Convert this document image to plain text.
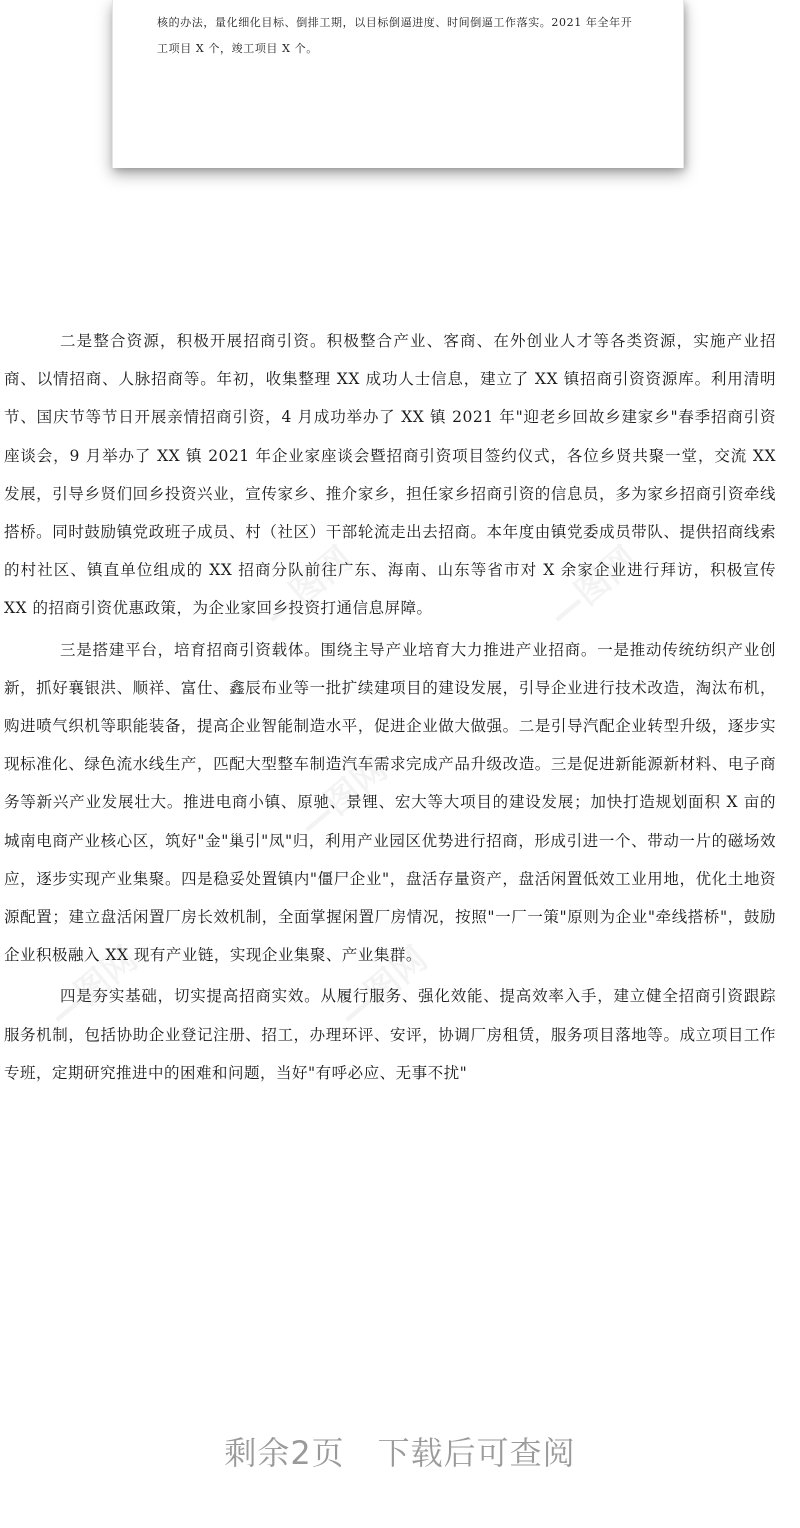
核的办法，量化细化目标、倒排工期，以目标倒逼进度、时间倒逼工作落实。2021 年全年开

工项目 X 个，竣工项目 X 个。

—图网	—图网
—图网
—图网	—图网

二是整合资源，积极开展招商引资。积极整合产业、客商、在外创业人才等各类资源，实施产业招商、以情招商、人脉招商等。年初，收集整理 XX 成功人士信息，建立了 XX 镇招商引资资源库。利用清明节、国庆节等节日开展亲情招商引资，4 月成功举办了 XX 镇 2021 年"迎老乡回故乡建家乡"春季招商引资座谈会，9 月举办了 XX 镇 2021 年企业家座谈会暨招商引资项目签约仪式，各位乡贤共聚一堂，交流 XX 发展，引导乡贤们回乡投资兴业，宣传家乡、推介家乡，担任家乡招商引资的信息员，多为家乡招商引资牵线搭桥。同时鼓励镇党政班子成员、村（社区）干部轮流走出去招商。本年度由镇党委成员带队、提供招商线索的村社区、镇直单位组成的 XX 招商分队前往广东、海南、山东等省市对 X 余家企业进行拜访，积极宣传 XX 的招商引资优惠政策，为企业家回乡投资打通信息屏障。

三是搭建平台，培育招商引资载体。围绕主导产业培育大力推进产业招商。一是推动传统纺织产业创新，抓好襄银洪、顺祥、富仕、鑫辰布业等一批扩续建项目的建设发展，引导企业进行技术改造，淘汰布机，购进喷气织机等职能装备，提高企业智能制造水平，促进企业做大做强。二是引导汽配企业转型升级，逐步实现标准化、绿色流水线生产，匹配大型整车制造汽车需求完成产品升级改造。三是促进新能源新材料、电子商务等新兴产业发展壮大。推进电商小镇、原驰、景锂、宏大等大项目的建设发展；加快打造规划面积 X 亩的城南电商产业核心区，筑好"金"巢引"凤"归，利用产业园区优势进行招商，形成引进一个、带动一片的磁场效应，逐步实现产业集聚。四是稳妥处置镇内"僵尸企业"，盘活存量资产，盘活闲置低效工业用地，优化土地资源配置；建立盘活闲置厂房长效机制，全面掌握闲置厂房情况，按照"一厂一策"原则为企业"牵线搭桥"，鼓励企业积极融入 XX 现有产业链，实现企业集聚、产业集群。

四是夯实基础，切实提高招商实效。从履行服务、强化效能、提高效率入手，建立健全招商引资跟踪服务机制，包括协助企业登记注册、招工，办理环评、安评，协调厂房租赁，服务项目落地等。成立项目工作专班，定期研究推进中的困难和问题，当好"有呼必应、无事不扰"

剩余2页　下载后可查阅
